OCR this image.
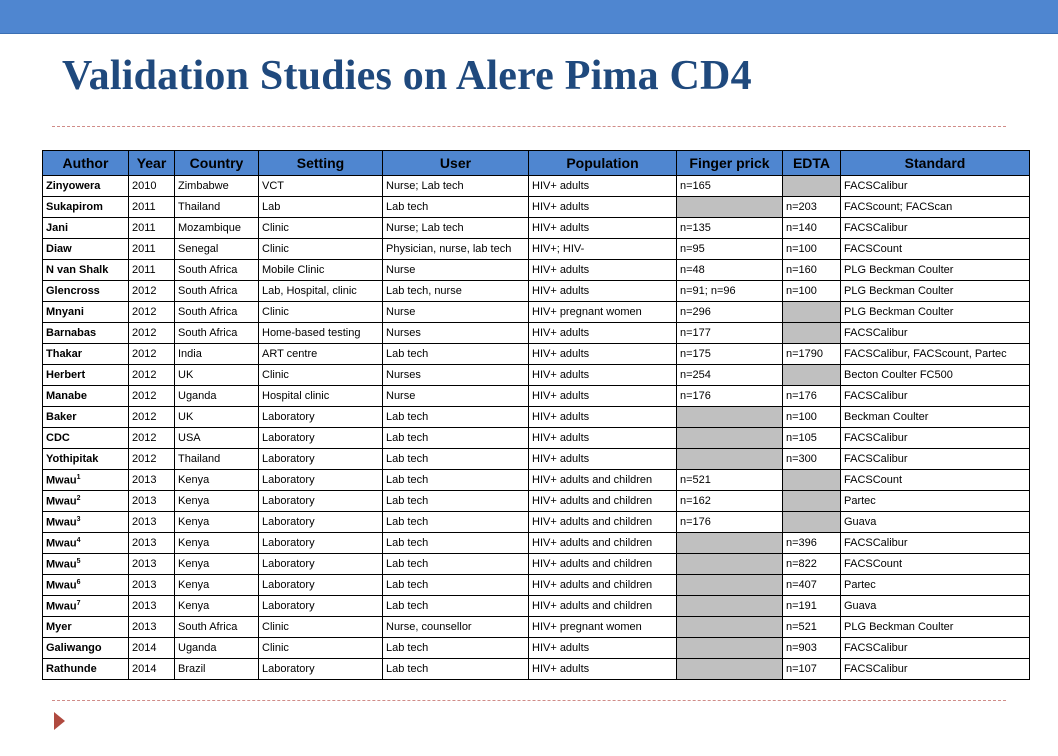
Validation Studies on Alere Pima CD4
Author	Year	Country	Setting	User	Population	Finger prick	EDTA	Standard
Zinyowera	2010	Zimbabwe	VCT	Nurse; Lab tech	HIV+ adults	n=165		FACSCalibur
Sukapirom	2011	Thailand	Lab	Lab tech	HIV+ adults		n=203	FACScount; FACScan
Jani	2011	Mozambique	Clinic	Nurse; Lab tech	HIV+ adults	n=135	n=140	FACSCalibur
Diaw	2011	Senegal	Clinic	Physician, nurse, lab tech	HIV+; HIV-	n=95	n=100	FACSCount
N van Shalk	2011	South Africa	Mobile Clinic	Nurse	HIV+ adults	n=48	n=160	PLG Beckman Coulter
Glencross	2012	South Africa	Lab, Hospital, clinic	Lab tech, nurse	HIV+ adults	n=91; n=96	n=100	PLG Beckman Coulter
Mnyani	2012	South Africa	Clinic	Nurse	HIV+ pregnant women	n=296		PLG Beckman Coulter
Barnabas	2012	South Africa	Home-based testing	Nurses	HIV+ adults	n=177		FACSCalibur
Thakar	2012	India	ART centre	Lab tech	HIV+ adults	n=175	n=1790	FACSCalibur, FACScount, Partec
Herbert	2012	UK	Clinic	Nurses	HIV+ adults	n=254		Becton Coulter FC500
Manabe	2012	Uganda	Hospital clinic	Nurse	HIV+ adults	n=176	n=176	FACSCalibur
Baker	2012	UK	Laboratory	Lab tech	HIV+ adults		n=100	Beckman Coulter
CDC	2012	USA	Laboratory	Lab tech	HIV+ adults		n=105	FACSCalibur
Yothipitak	2012	Thailand	Laboratory	Lab tech	HIV+ adults		n=300	FACSCalibur
Mwau$^1$	2013	Kenya	Laboratory	Lab tech	HIV+ adults and children	n=521		FACSCount
Mwau$^2$	2013	Kenya	Laboratory	Lab tech	HIV+ adults and children	n=162		Partec
Mwau$^3$	2013	Kenya	Laboratory	Lab tech	HIV+ adults and children	n=176		Guava
Mwau$^4$	2013	Kenya	Laboratory	Lab tech	HIV+ adults and children		n=396	FACSCalibur
Mwau$^5$	2013	Kenya	Laboratory	Lab tech	HIV+ adults and children		n=822	FACSCount
Mwau$^6$	2013	Kenya	Laboratory	Lab tech	HIV+ adults and children		n=407	Partec
Mwau$^7$	2013	Kenya	Laboratory	Lab tech	HIV+ adults and children		n=191	Guava
Myer	2013	South Africa	Clinic	Nurse, counsellor	HIV+ pregnant women		n=521	PLG Beckman Coulter
Galiwango	2014	Uganda	Clinic	Lab tech	HIV+ adults		n=903	FACSCalibur
Rathunde	2014	Brazil	Laboratory	Lab tech	HIV+ adults		n=107	FACSCalibur
